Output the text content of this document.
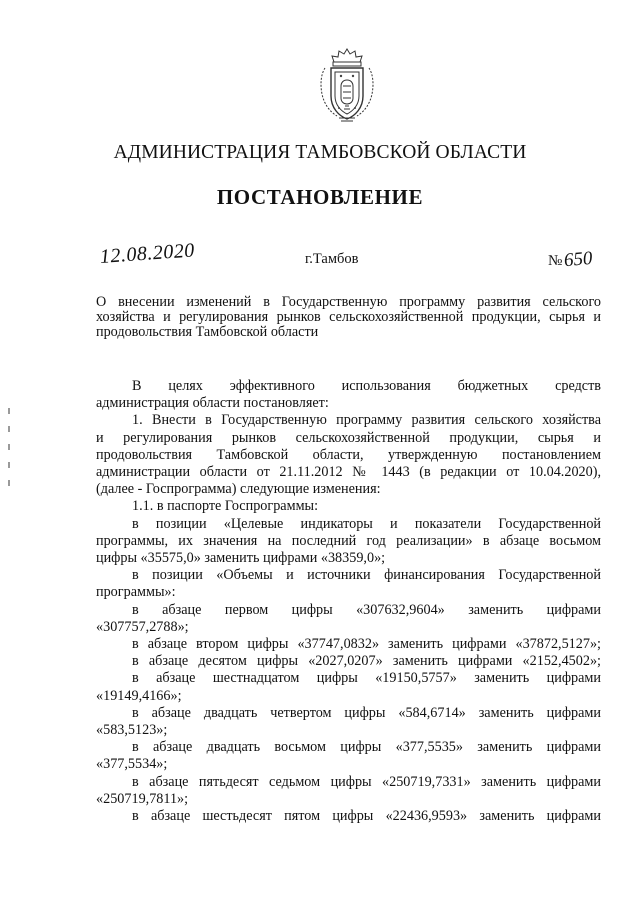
АДМИНИСТРАЦИЯ ТАМБОВСКОЙ ОБЛАСТИ
ПОСТАНОВЛЕНИЕ
12.08.2020	г.Тамбов	№650
О внесении изменений в Государственную программу развития сельского хозяйства и регулирования рынков сельскохозяйственной продукции, сырья и продовольствия Тамбовской области

В целях эффективного использования бюджетных средств

администрация области постановляет:

1. Внести в Государственную программу развития сельского хозяйства

и регулирования рынков сельскохозяйственной продукции, сырья и

продовольствия Тамбовской области, утвержденную постановлением

администрации области от 21.11.2012 № 1443 (в редакции от 10.04.2020),

(далее - Госпрограмма) следующие изменения:

1.1. в паспорте Госпрограммы:

в позиции «Целевые индикаторы и показатели Государственной

программы, их значения на последний год реализации» в абзаце восьмом

цифры «35575,0» заменить цифрами «38359,0»;

в позиции «Объемы и источники финансирования Государственной

программы»:

в абзаце первом цифры «307632,9604» заменить цифрами

«307757,2788»;

в абзаце втором цифры «37747,0832» заменить цифрами «37872,5127»;

в абзаце десятом цифры «2027,0207» заменить цифрами «2152,4502»;

в абзаце шестнадцатом цифры «19150,5757» заменить цифрами

«19149,4166»;

в абзаце двадцать четвертом цифры «584,6714» заменить цифрами

«583,5123»;

в абзаце двадцать восьмом цифры «377,5535» заменить цифрами

«377,5534»;

в абзаце пятьдесят седьмом цифры «250719,7331» заменить цифрами

«250719,7811»;

в абзаце шестьдесят пятом цифры «22436,9593» заменить цифрами
